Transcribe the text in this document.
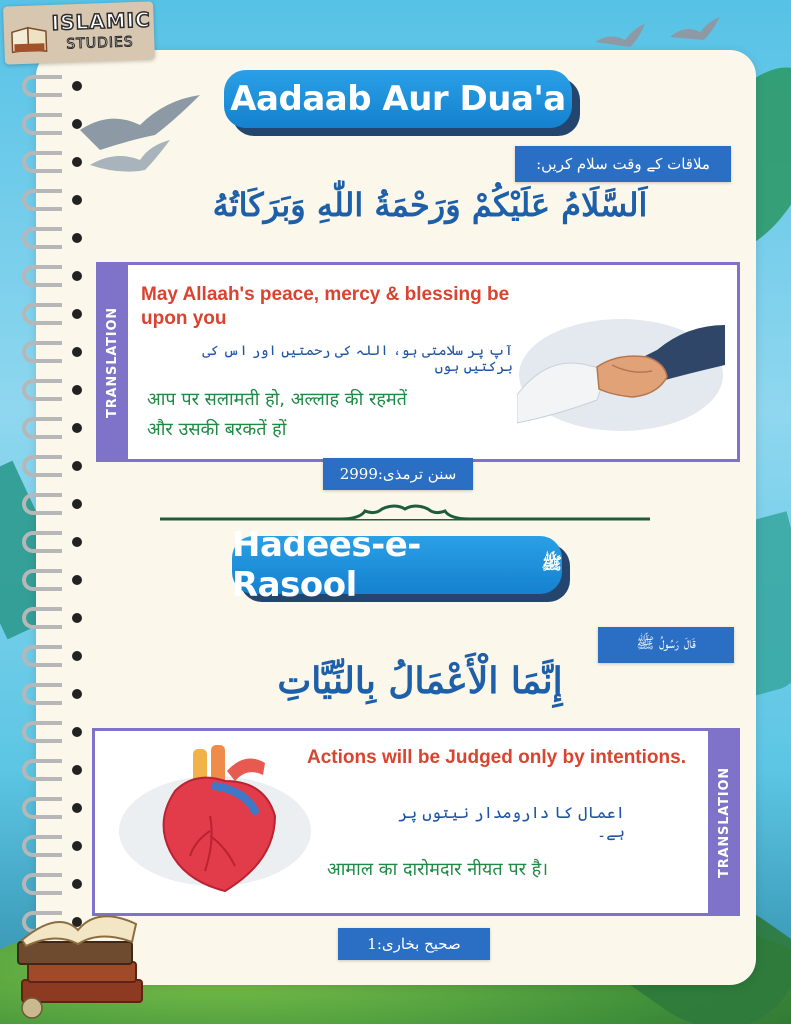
ISLAMIC
STUDIES
Aadaab Aur Dua'a
ملاقات کے وقت سلام کریں:
اَلسَّلَامُ عَلَيْكُمْ وَرَحْمَةُ اللّٰهِ وَبَرَكَاتُهُ
TRANSLATION
May Allaah's peace, mercy & blessing be upon you
آپ پر سلامتی ہو، اللہ کی رحمتیں اور اس کی برکتیں ہوں
आप पर सलामती हो, अल्लाह की रहमतें
और उसकी बरकतें हों
سنن ترمذی:2999
Hadees-e-Rasool
ﷺ
قَالَ رَسُولُ ﷺ
إِنَّمَا الْأَعْمَالُ بِالنِّيَّاتِ
TRANSLATION
Actions will be Judged only by intentions.
اعمال کا دارومدار نیتوں پر ہے۔
आमाल का दारोमदार नीयत पर है।
صحیح بخاری:1
